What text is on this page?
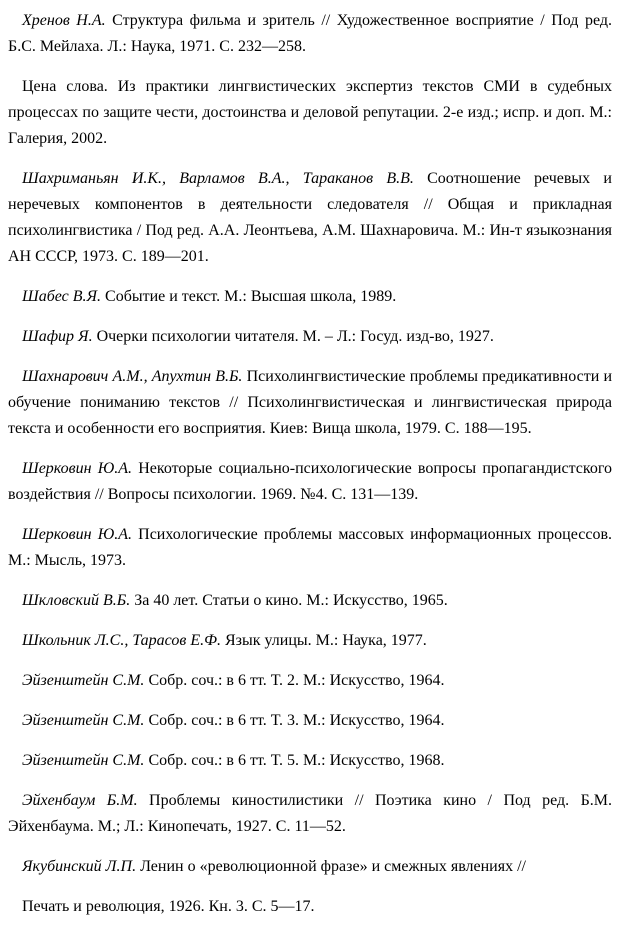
Хренов Н.А. Структура фильма и зритель // Художественное восприятие / Под ред. Б.С. Мейлаха. Л.: Наука, 1971. С. 232—258.

Цена слова. Из практики лингвистических экспертиз текстов СМИ в судебных процессах по защите чести, достоинства и деловой репутации. 2-е изд.; испр. и доп. М.: Галерия, 2002.

Шахриманьян И.К., Варламов В.А., Тараканов В.В. Соотношение речевых и неречевых компонентов в деятельности следователя // Общая и прикладная психолингвистика / Под ред. А.А. Леонтьева, А.М. Шахнаровича. М.: Ин-т языкознания АН СССР, 1973. С. 189—201.

Шабес В.Я. Событие и текст. М.: Высшая школа, 1989.

Шафир Я. Очерки психологии читателя. М. – Л.: Госуд. изд-во, 1927.

Шахнарович А.М., Апухтин В.Б. Психолингвистические проблемы предикативности и обучение пониманию текстов // Психолингвистическая и лингвистическая природа текста и особенности его восприятия. Киев: Вища школа, 1979. С. 188—195.

Шерковин Ю.А. Некоторые социально-психологические вопросы пропагандистского воздействия // Вопросы психологии. 1969. №4. С. 131—139.

Шерковин Ю.А. Психологические проблемы массовых информационных процессов. М.: Мысль, 1973.

Шкловский В.Б. За 40 лет. Статьи о кино. М.: Искусство, 1965.

Школьник Л.С., Тарасов Е.Ф. Язык улицы. М.: Наука, 1977.

Эйзенштейн С.М. Собр. соч.: в 6 тт. Т. 2. М.: Искусство, 1964.

Эйзенштейн С.М. Собр. соч.: в 6 тт. Т. 3. М.: Искусство, 1964.

Эйзенштейн С.М. Собр. соч.: в 6 тт. Т. 5. М.: Искусство, 1968.

Эйхенбаум Б.М. Проблемы киностилистики // Поэтика кино / Под ред. Б.М. Эйхенбаума. М.; Л.: Кинопечать, 1927. С. 11—52.

Якубинский Л.П. Ленин о «революционной фразе» и смежных явлениях //

Печать и революция, 1926. Кн. 3. С. 5—17.
